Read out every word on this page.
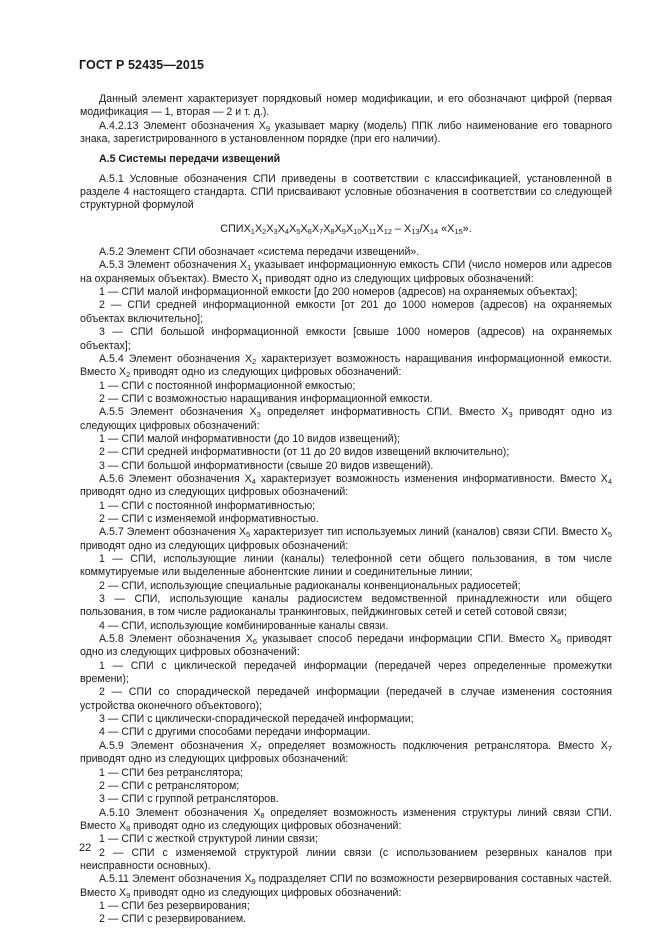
ГОСТ Р 52435—2015

Данный элемент характеризует порядковый номер модификации, и его обозначают цифрой (первая модификация — 1, вторая — 2 и т. д.).

А.4.2.13 Элемент обозначения $Х_9$ указывает марку (модель) ППК либо наименование его товарного знака, зарегистрированного в установленном порядке (при его наличии).

А.5 Системы передачи извещений

А.5.1 Условные обозначения СПИ приведены в соответствии с классификацией, установленной в разделе 4 настоящего стандарта. СПИ присваивают условные обозначения в соответствии со следующей структурной формулой

$СПИХ_1Х_2Х_3Х_4Х_5Х_6Х_7Х_8Х_9Х_{10}Х_{11}Х_{12} - Х_{13}/Х_{14}$ «$Х_{15}$».

А.5.2 Элемент СПИ обозначает «система передачи извещений».

А.5.3 Элемент обозначения $Х_1$ указывает информационную емкость СПИ (число номеров или адресов на охраняемых объектах). Вместо $Х_1$ приводят одно из следующих цифровых обозначений:

1 — СПИ малой информационной емкости [до 200 номеров (адресов) на охраняемых объектах];

2 — СПИ средней информационной емкости [от 201 до 1000 номеров (адресов) на охраняемых объектах включительно];

3 — СПИ большой информационной емкости [свыше 1000 номеров (адресов) на охраняемых объектах];

А.5.4 Элемент обозначения $Х_2$ характеризует возможность наращивания информационной емкости. Вместо $Х_2$ приводят одно из следующих цифровых обозначений:

1 — СПИ с постоянной информационной емкостью;

2 — СПИ с возможностью наращивания информационной емкости.

А.5.5 Элемент обозначения $Х_3$ определяет информативность СПИ. Вместо $Х_3$ приводят одно из следующих цифровых обозначений:

1 — СПИ малой информативности (до 10 видов извещений);

2 — СПИ средней информативности (от 11 до 20 видов извещений включительно);

3 — СПИ большой информативности (свыше 20 видов извещений).

А.5.6 Элемент обозначения $Х_4$ характеризует возможность изменения информативности. Вместо $Х_4$ приводят одно из следующих цифровых обозначений:

1 — СПИ с постоянной информативностью;

2 — СПИ с изменяемой информативностью.

А.5.7 Элемент обозначения $Х_5$ характеризует тип используемых линий (каналов) связи СПИ. Вместо $Х_5$ приводят одно из следующих цифровых обозначений:

1 — СПИ, использующие линии (каналы) телефонной сети общего пользования, в том числе коммутируемые или выделенные абонентские линии и соединительные линии;

2 — СПИ, использующие специальные радиоканалы конвенциональных радиосетей;

3 — СПИ, использующие каналы радиосистем ведомственной принадлежности или общего пользования, в том числе радиоканалы транкинговых, пейджинговых сетей и сетей сотовой связи;

4 — СПИ, использующие комбинированные каналы связи.

А.5.8 Элемент обозначения $Х_6$ указывает способ передачи информации СПИ. Вместо $Х_6$ приводят одно из следующих цифровых обозначений:

1 — СПИ с циклической передачей информации (передачей через определенные промежутки времени);

2 — СПИ со спорадической передачей информации (передачей в случае изменения состояния устройства оконечного объектового);

3 — СПИ с циклически-спорадической передачей информации;

4 — СПИ с другими способами передачи информации.

А.5.9 Элемент обозначения $Х_7$ определяет возможность подключения ретранслятора. Вместо $Х_7$ приводят одно из следующих цифровых обозначений:

1 — СПИ без ретранслятора;

2 — СПИ с ретранслятором;

3 — СПИ с группой ретрансляторов.

А.5.10 Элемент обозначения $Х_8$ определяет возможность изменения структуры линий связи СПИ. Вместо $Х_8$ приводят одно из следующих цифровых обозначений:

1 — СПИ с жесткой структурой линии связи;

2 — СПИ с изменяемой структурой линии связи (с использованием резервных каналов при неисправности основных).

А.5.11 Элемент обозначения $Х_9$ подразделяет СПИ по возможности резервирования составных частей. Вместо $Х_9$ приводят одно из следующих цифровых обозначений:

1 — СПИ без резервирования;

2 — СПИ с резервированием.

22
